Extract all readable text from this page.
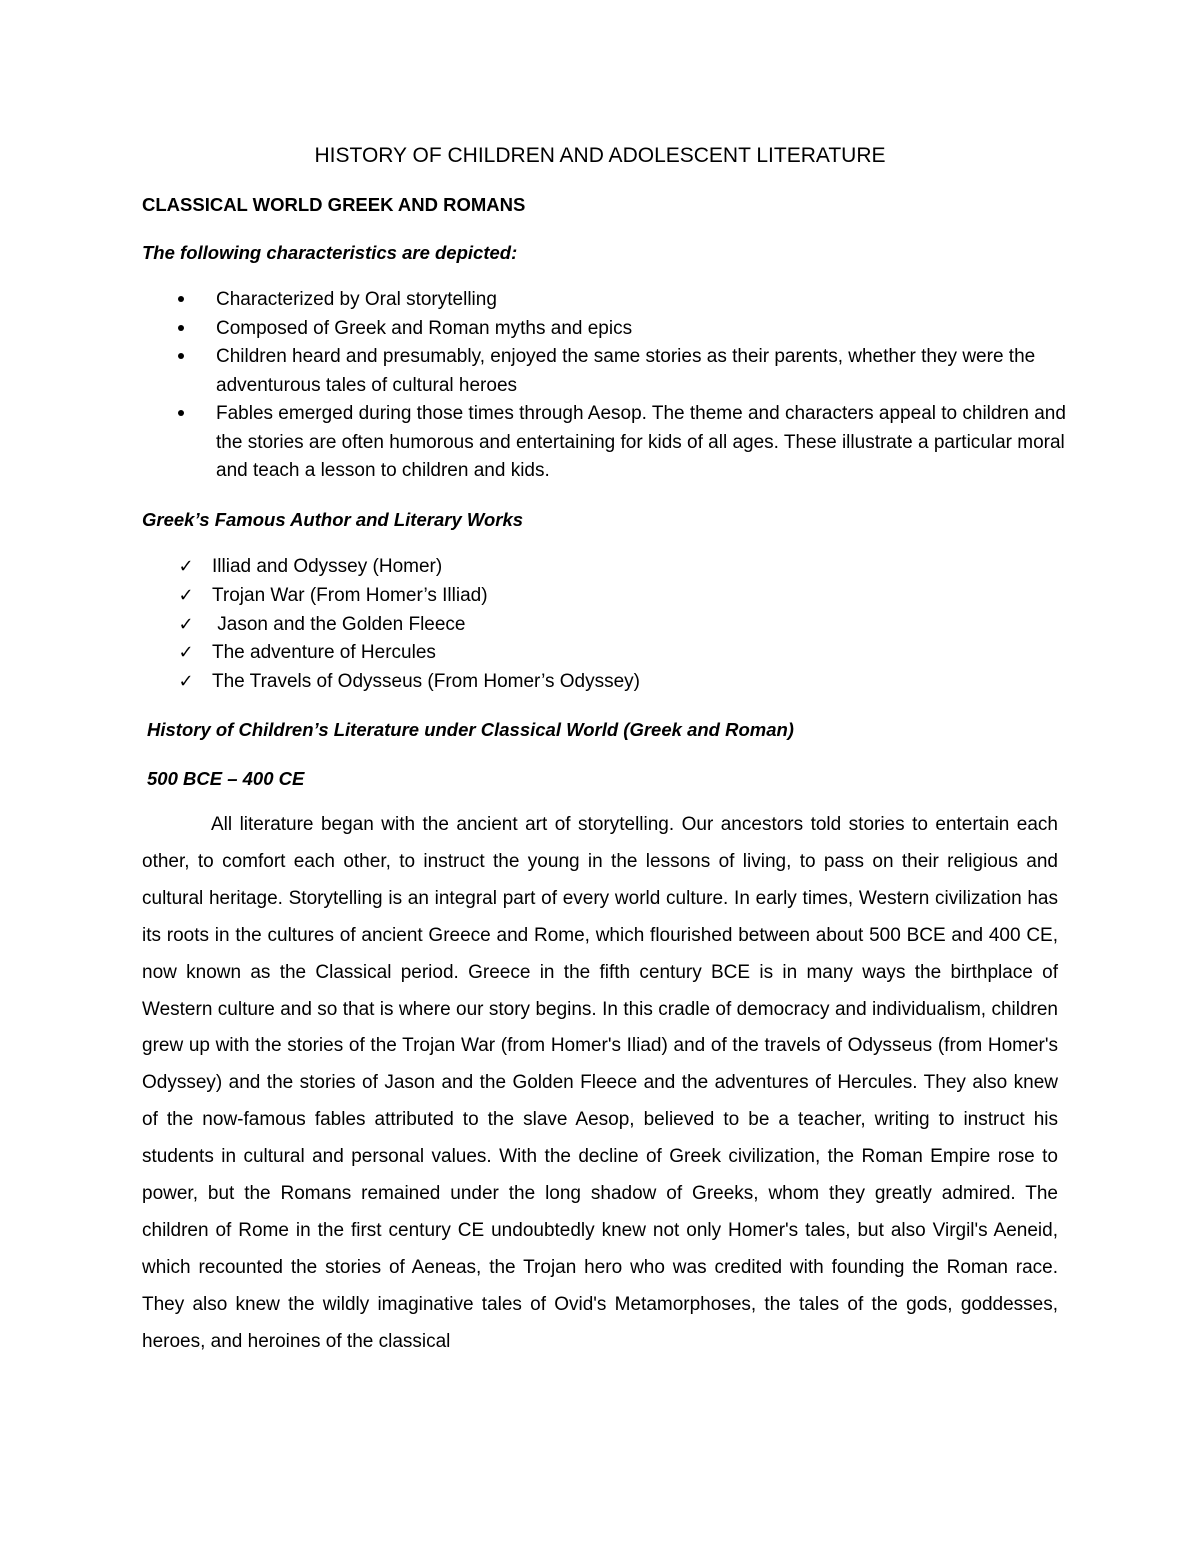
HISTORY OF CHILDREN AND ADOLESCENT LITERATURE
CLASSICAL WORLD GREEK AND ROMANS
The following characteristics are depicted:
Characterized by Oral storytelling
Composed of Greek and Roman myths and epics
Children heard and presumably, enjoyed the same stories as their parents, whether they were the adventurous tales of cultural heroes
Fables emerged during those times through Aesop. The theme and characters appeal to children and the stories are often humorous and entertaining for kids of all ages. These illustrate a particular moral and teach a lesson to children and kids.
Greek’s Famous Author and Literary Works
✓ Illiad and Odyssey (Homer)
✓ Trojan War (From Homer’s Illiad)
✓ Jason and the Golden Fleece
✓ The adventure of Hercules
✓ The Travels of Odysseus (From Homer’s Odyssey)
History of Children’s Literature under Classical World (Greek and Roman)
500 BCE – 400 CE

All literature began with the ancient art of storytelling. Our ancestors told stories to entertain each other, to comfort each other, to instruct the young in the lessons of living, to pass on their religious and cultural heritage. Storytelling is an integral part of every world culture. In early times, Western civilization has its roots in the cultures of ancient Greece and Rome, which flourished between about 500 BCE and 400 CE, now known as the Classical period. Greece in the fifth century BCE is in many ways the birthplace of Western culture and so that is where our story begins. In this cradle of democracy and individualism, children grew up with the stories of the Trojan War (from Homer's Iliad) and of the travels of Odysseus (from Homer's Odyssey) and the stories of Jason and the Golden Fleece and the adventures of Hercules. They also knew of the now-famous fables attributed to the slave Aesop, believed to be a teacher, writing to instruct his students in cultural and personal values. With the decline of Greek civilization, the Roman Empire rose to power, but the Romans remained under the long shadow of Greeks, whom they greatly admired. The children of Rome in the first century CE undoubtedly knew not only Homer's tales, but also Virgil's Aeneid, which recounted the stories of Aeneas, the Trojan hero who was credited with founding the Roman race. They also knew the wildly imaginative tales of Ovid's Metamorphoses, the tales of the gods, goddesses, heroes, and heroines of the classical
